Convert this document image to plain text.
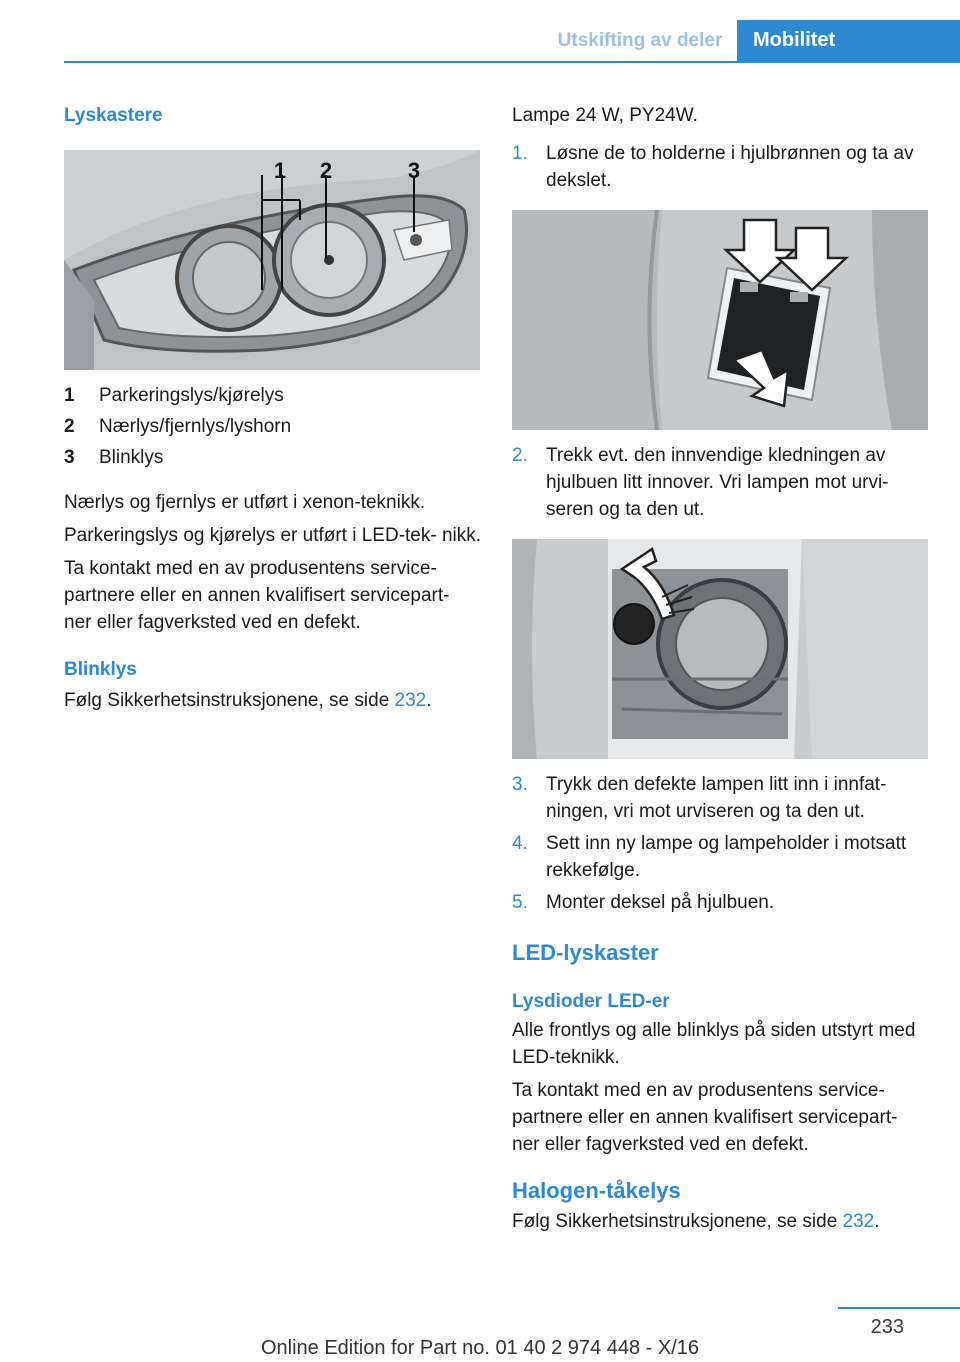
Utskifting av deler	Mobilitet

Lyskastere

1 2	3
1	Parkeringslys/kjørelys
2	Nærlys/fjernlys/lyshorn
3	Blinklys

Nærlys og fjernlys er utført i xenon-teknikk.

Parkeringslys og kjørelys er utført i LED-tek‐ nikk.

Ta kontakt med en av produsentens service‐ partnere eller en annen kvalifisert servicepart‐ ner eller fagverksted ved en defekt.

Blinklys

Følg Sikkerhetsinstruksjonene, se side 232.

Lampe 24 W, PY24W.

1. Løsne de to holderne i hjulbrønnen og ta av dekslet.
2. Trekk evt. den innvendige kledningen av hjulbuen litt innover. Vri lampen mot urvi‐ seren og ta den ut.
3. Trykk den defekte lampen litt inn i innfat‐ ningen, vri mot urviseren og ta den ut.
4. Sett inn ny lampe og lampeholder i motsatt rekkefølge.
5. Monter deksel på hjulbuen.

LED-lyskaster

Lysdioder LED-er

Alle frontlys og alle blinklys på siden utstyrt med LED-teknikk.

Ta kontakt med en av produsentens service‐ partnere eller en annen kvalifisert servicepart‐ ner eller fagverksted ved en defekt.

Halogen-tåkelys

Følg Sikkerhetsinstruksjonene, se side 232.

233
Online Edition for Part no. 01 40 2 974 448 - X/16
